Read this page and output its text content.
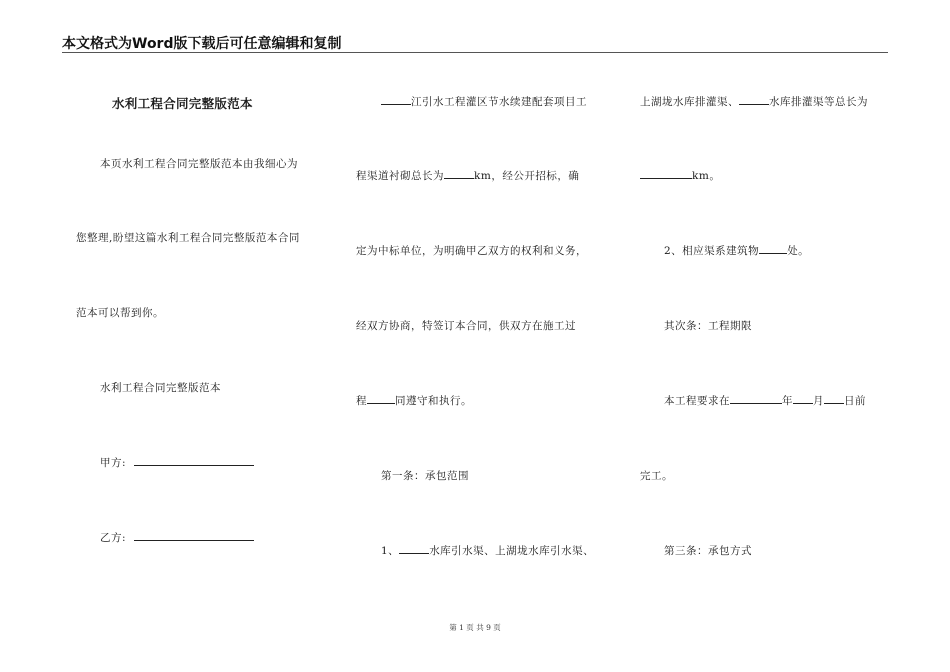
本文格式为Word版下载后可任意编辑和复制
水利工程合同完整版范本
本页水利工程合同完整版范本由我细心为
您整理,盼望这篇水利工程合同完整版范本合同
范本可以帮到你。
水利工程合同完整版范本
甲方:
乙方:
江引水工程灌区节水续建配套项目工
程渠道衬砌总长为	km，经公开招标，确
定为中标单位，为明确甲乙双方的权利和义务，
经双方协商，特签订本合同，供双方在施工过
程	同遵守和执行。
第一条：承包范围
1、	水库引水渠、上湖垅水库引水渠、
上湖垅水库排灌渠、	水库排灌渠等总长为
km。
2、相应渠系建筑物	处。
其次条：工程期限
本工程要求在	年 月 日前
完工。
第三条：承包方式
第 1 页 共 9 页
